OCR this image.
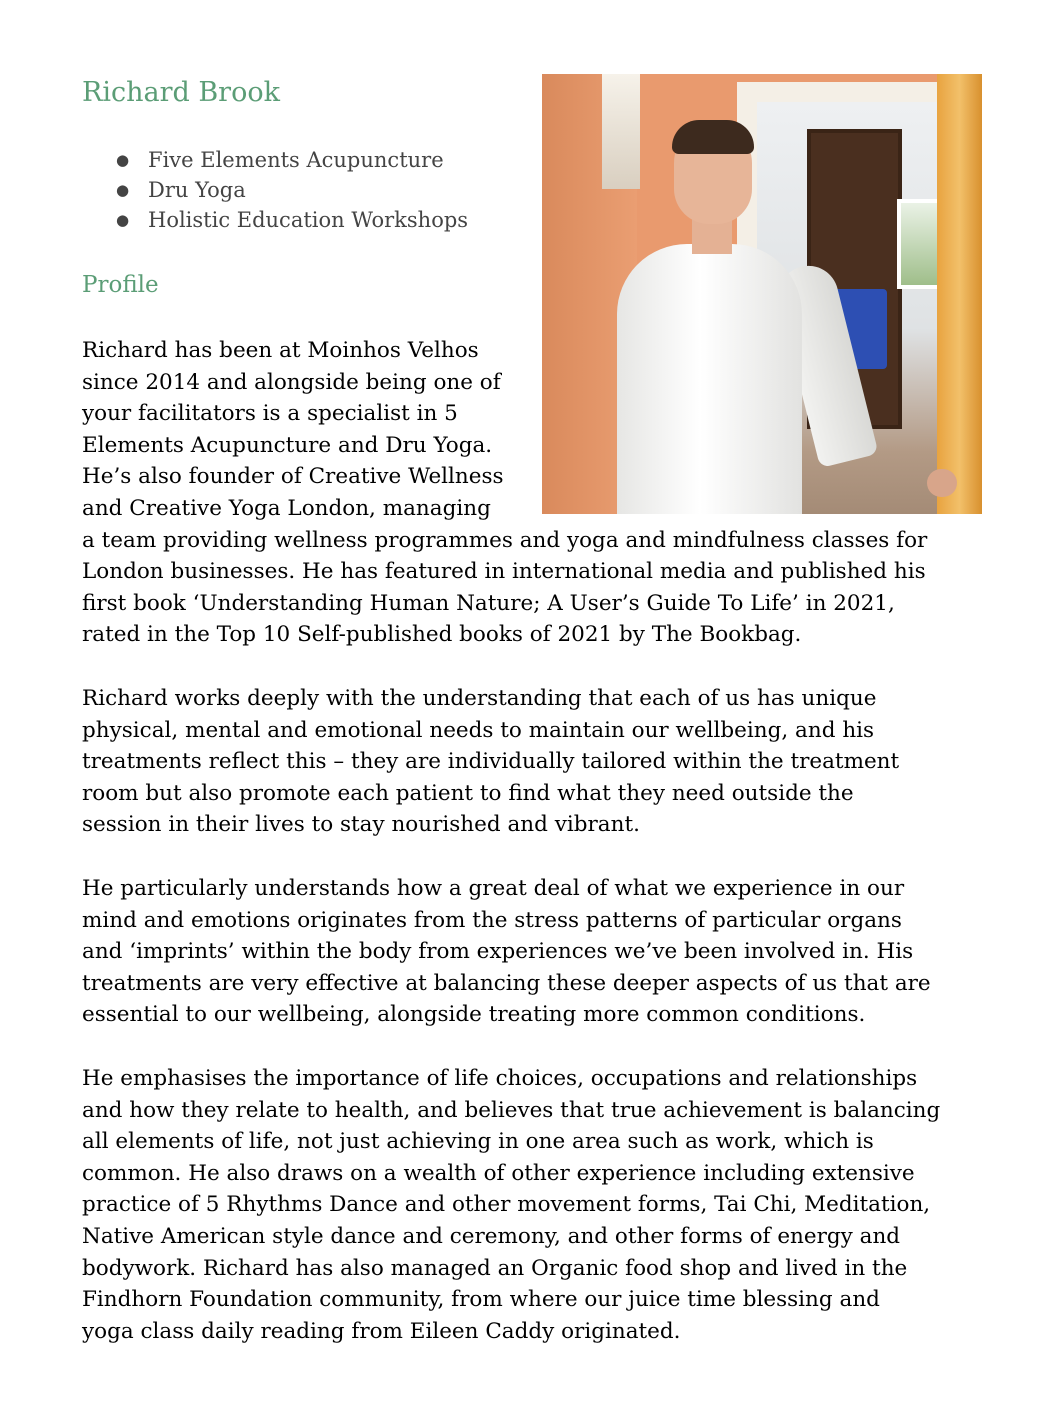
Richard Brook
● Five Elements Acupuncture
● Dru Yoga
● Holistic Education Workshops
Profile

Richard has been at Moinhos Velhos
since 2014 and alongside being one of
your facilitators is a specialist in 5
Elements Acupuncture and Dru Yoga.
He’s also founder of Creative Wellness
and Creative Yoga London, managing
a team providing wellness programmes and yoga and mindfulness classes for
London businesses. He has featured in international media and published his
first book ‘Understanding Human Nature; A User’s Guide To Life’ in 2021,
rated in the Top 10 Self-published books of 2021 by The Bookbag.

Richard works deeply with the understanding that each of us has unique
physical, mental and emotional needs to maintain our wellbeing, and his
treatments reflect this – they are individually tailored within the treatment
room but also promote each patient to find what they need outside the
session in their lives to stay nourished and vibrant.

He particularly understands how a great deal of what we experience in our
mind and emotions originates from the stress patterns of particular organs
and ‘imprints’ within the body from experiences we’ve been involved in. His
treatments are very effective at balancing these deeper aspects of us that are
essential to our wellbeing, alongside treating more common conditions.

He emphasises the importance of life choices, occupations and relationships
and how they relate to health, and believes that true achievement is balancing
all elements of life, not just achieving in one area such as work, which is
common. He also draws on a wealth of other experience including extensive
practice of 5 Rhythms Dance and other movement forms, Tai Chi, Meditation,
Native American style dance and ceremony, and other forms of energy and
bodywork. Richard has also managed an Organic food shop and lived in the
Findhorn Foundation community, from where our juice time blessing and
yoga class daily reading from Eileen Caddy originated.
